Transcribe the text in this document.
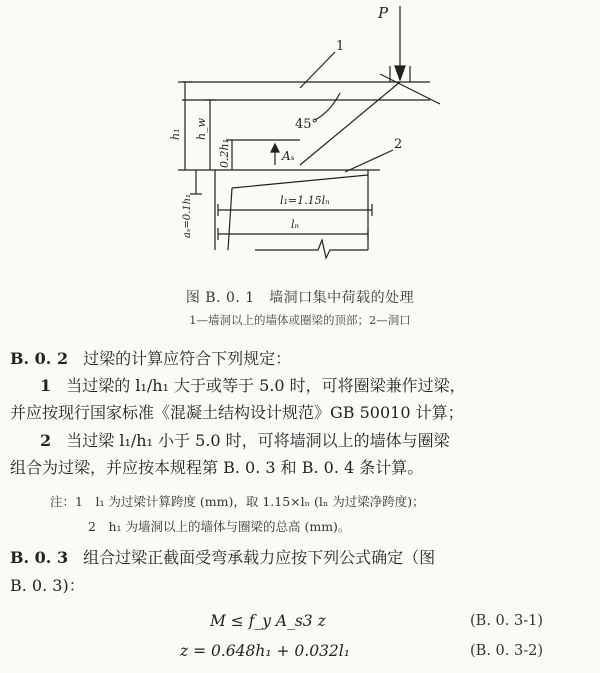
P
1
45°
2
h₁ h_w
0.2h₁	Aₛ
aₛ=0.1h₁	l₁=1.15lₙ
lₙ
图 B. 0. 1　墙洞口集中荷载的处理
1—墙洞以上的墙体或圈梁的顶部；2—洞口
B. 0. 2 过梁的计算应符合下列规定：
1 当过梁的 l₁/h₁ 大于或等于 5.0 时，可将圈梁兼作过梁，
并应按现行国家标准《混凝土结构设计规范》GB 50010 计算；
2 当过梁 l₁/h₁ 小于 5.0 时，可将墙洞以上的墙体与圈梁
组合为过梁，并应按本规程第 B. 0. 3 和 B. 0. 4 条计算。
注：1　l₁ 为过梁计算跨度 (mm)，取 1.15×lₙ (lₙ 为过梁净跨度)；
2　h₁ 为墙洞以上的墙体与圈梁的总高 (mm)。
B. 0. 3 组合过梁正截面受弯承载力应按下列公式确定（图
B. 0. 3)：
M ≤ f_y A_s3 z	(B. 0. 3-1)
z = 0.648h₁ + 0.032l₁	(B. 0. 3-2)
